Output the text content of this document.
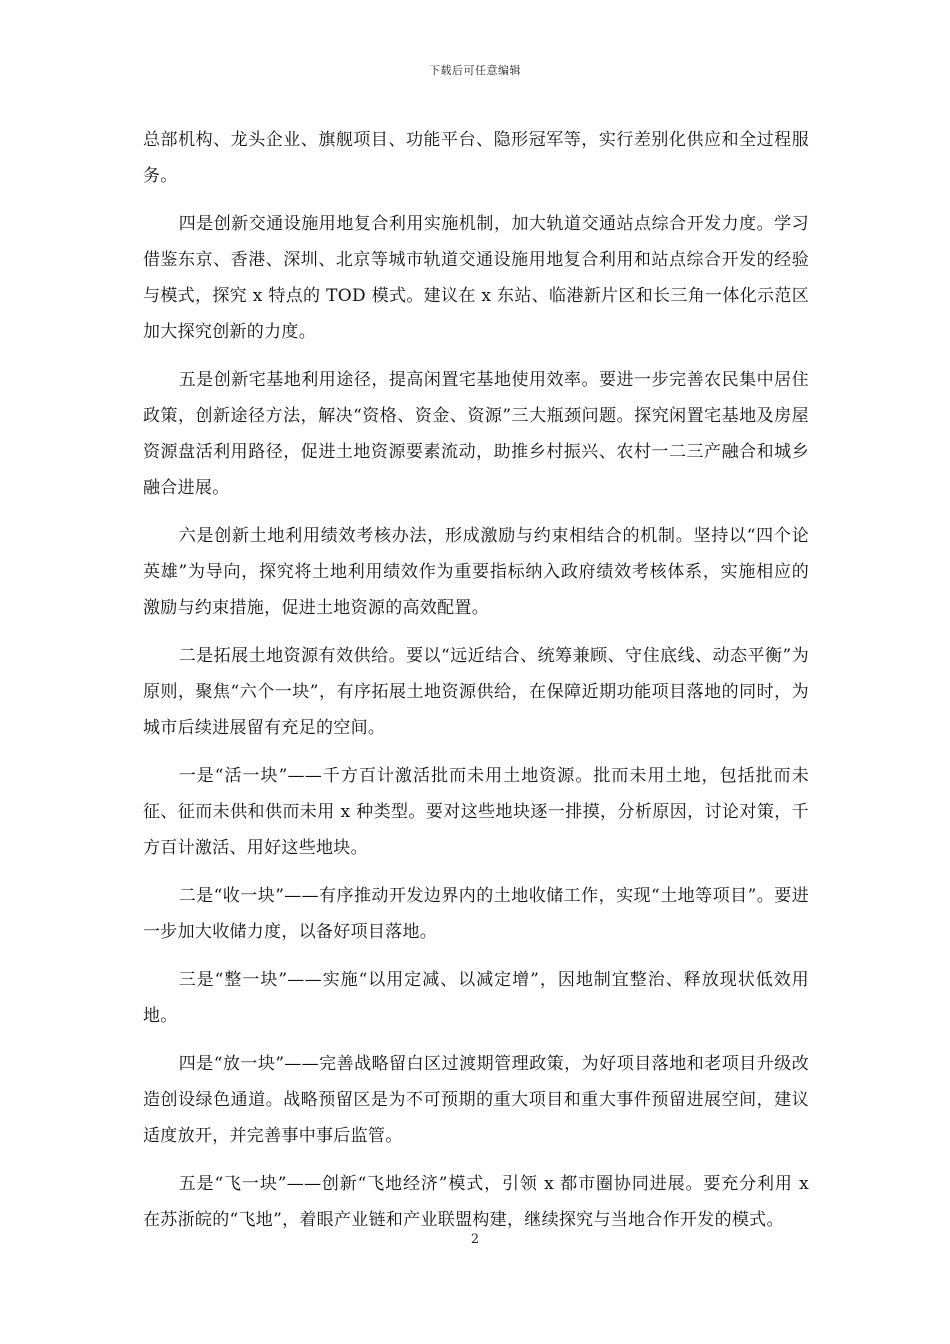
下载后可任意编辑

总部机构、龙头企业、旗舰项目、功能平台、隐形冠军等，实行差别化供应和全过程服务。

四是创新交通设施用地复合利用实施机制，加大轨道交通站点综合开发力度。学习借鉴东京、香港、深圳、北京等城市轨道交通设施用地复合利用和站点综合开发的经验与模式，探究 x 特点的 TOD 模式。建议在 x 东站、临港新片区和长三角一体化示范区加大探究创新的力度。

五是创新宅基地利用途径，提高闲置宅基地使用效率。要进一步完善农民集中居住政策，创新途径方法，解决“资格、资金、资源”三大瓶颈问题。探究闲置宅基地及房屋资源盘活利用路径，促进土地资源要素流动，助推乡村振兴、农村一二三产融合和城乡融合进展。

六是创新土地利用绩效考核办法，形成激励与约束相结合的机制。坚持以“四个论英雄”为导向，探究将土地利用绩效作为重要指标纳入政府绩效考核体系，实施相应的激励与约束措施，促进土地资源的高效配置。

二是拓展土地资源有效供给。要以“远近结合、统筹兼顾、守住底线、动态平衡”为原则，聚焦“六个一块”，有序拓展土地资源供给，在保障近期功能项目落地的同时，为城市后续进展留有充足的空间。

一是“活一块”——千方百计激活批而未用土地资源。批而未用土地，包括批而未征、征而未供和供而未用 x 种类型。要对这些地块逐一排摸，分析原因，讨论对策，千方百计激活、用好这些地块。

二是“收一块”——有序推动开发边界内的土地收储工作，实现“土地等项目”。要进一步加大收储力度，以备好项目落地。

三是“整一块”——实施“以用定减、以减定增”，因地制宜整治、释放现状低效用地。

四是“放一块”——完善战略留白区过渡期管理政策，为好项目落地和老项目升级改造创设绿色通道。战略预留区是为不可预期的重大项目和重大事件预留进展空间，建议适度放开，并完善事中事后监管。

五是“飞一块”——创新“飞地经济”模式，引领 x 都市圈协同进展。要充分利用 x 在苏浙皖的“飞地”，着眼产业链和产业联盟构建，继续探究与当地合作开发的模式。

2
